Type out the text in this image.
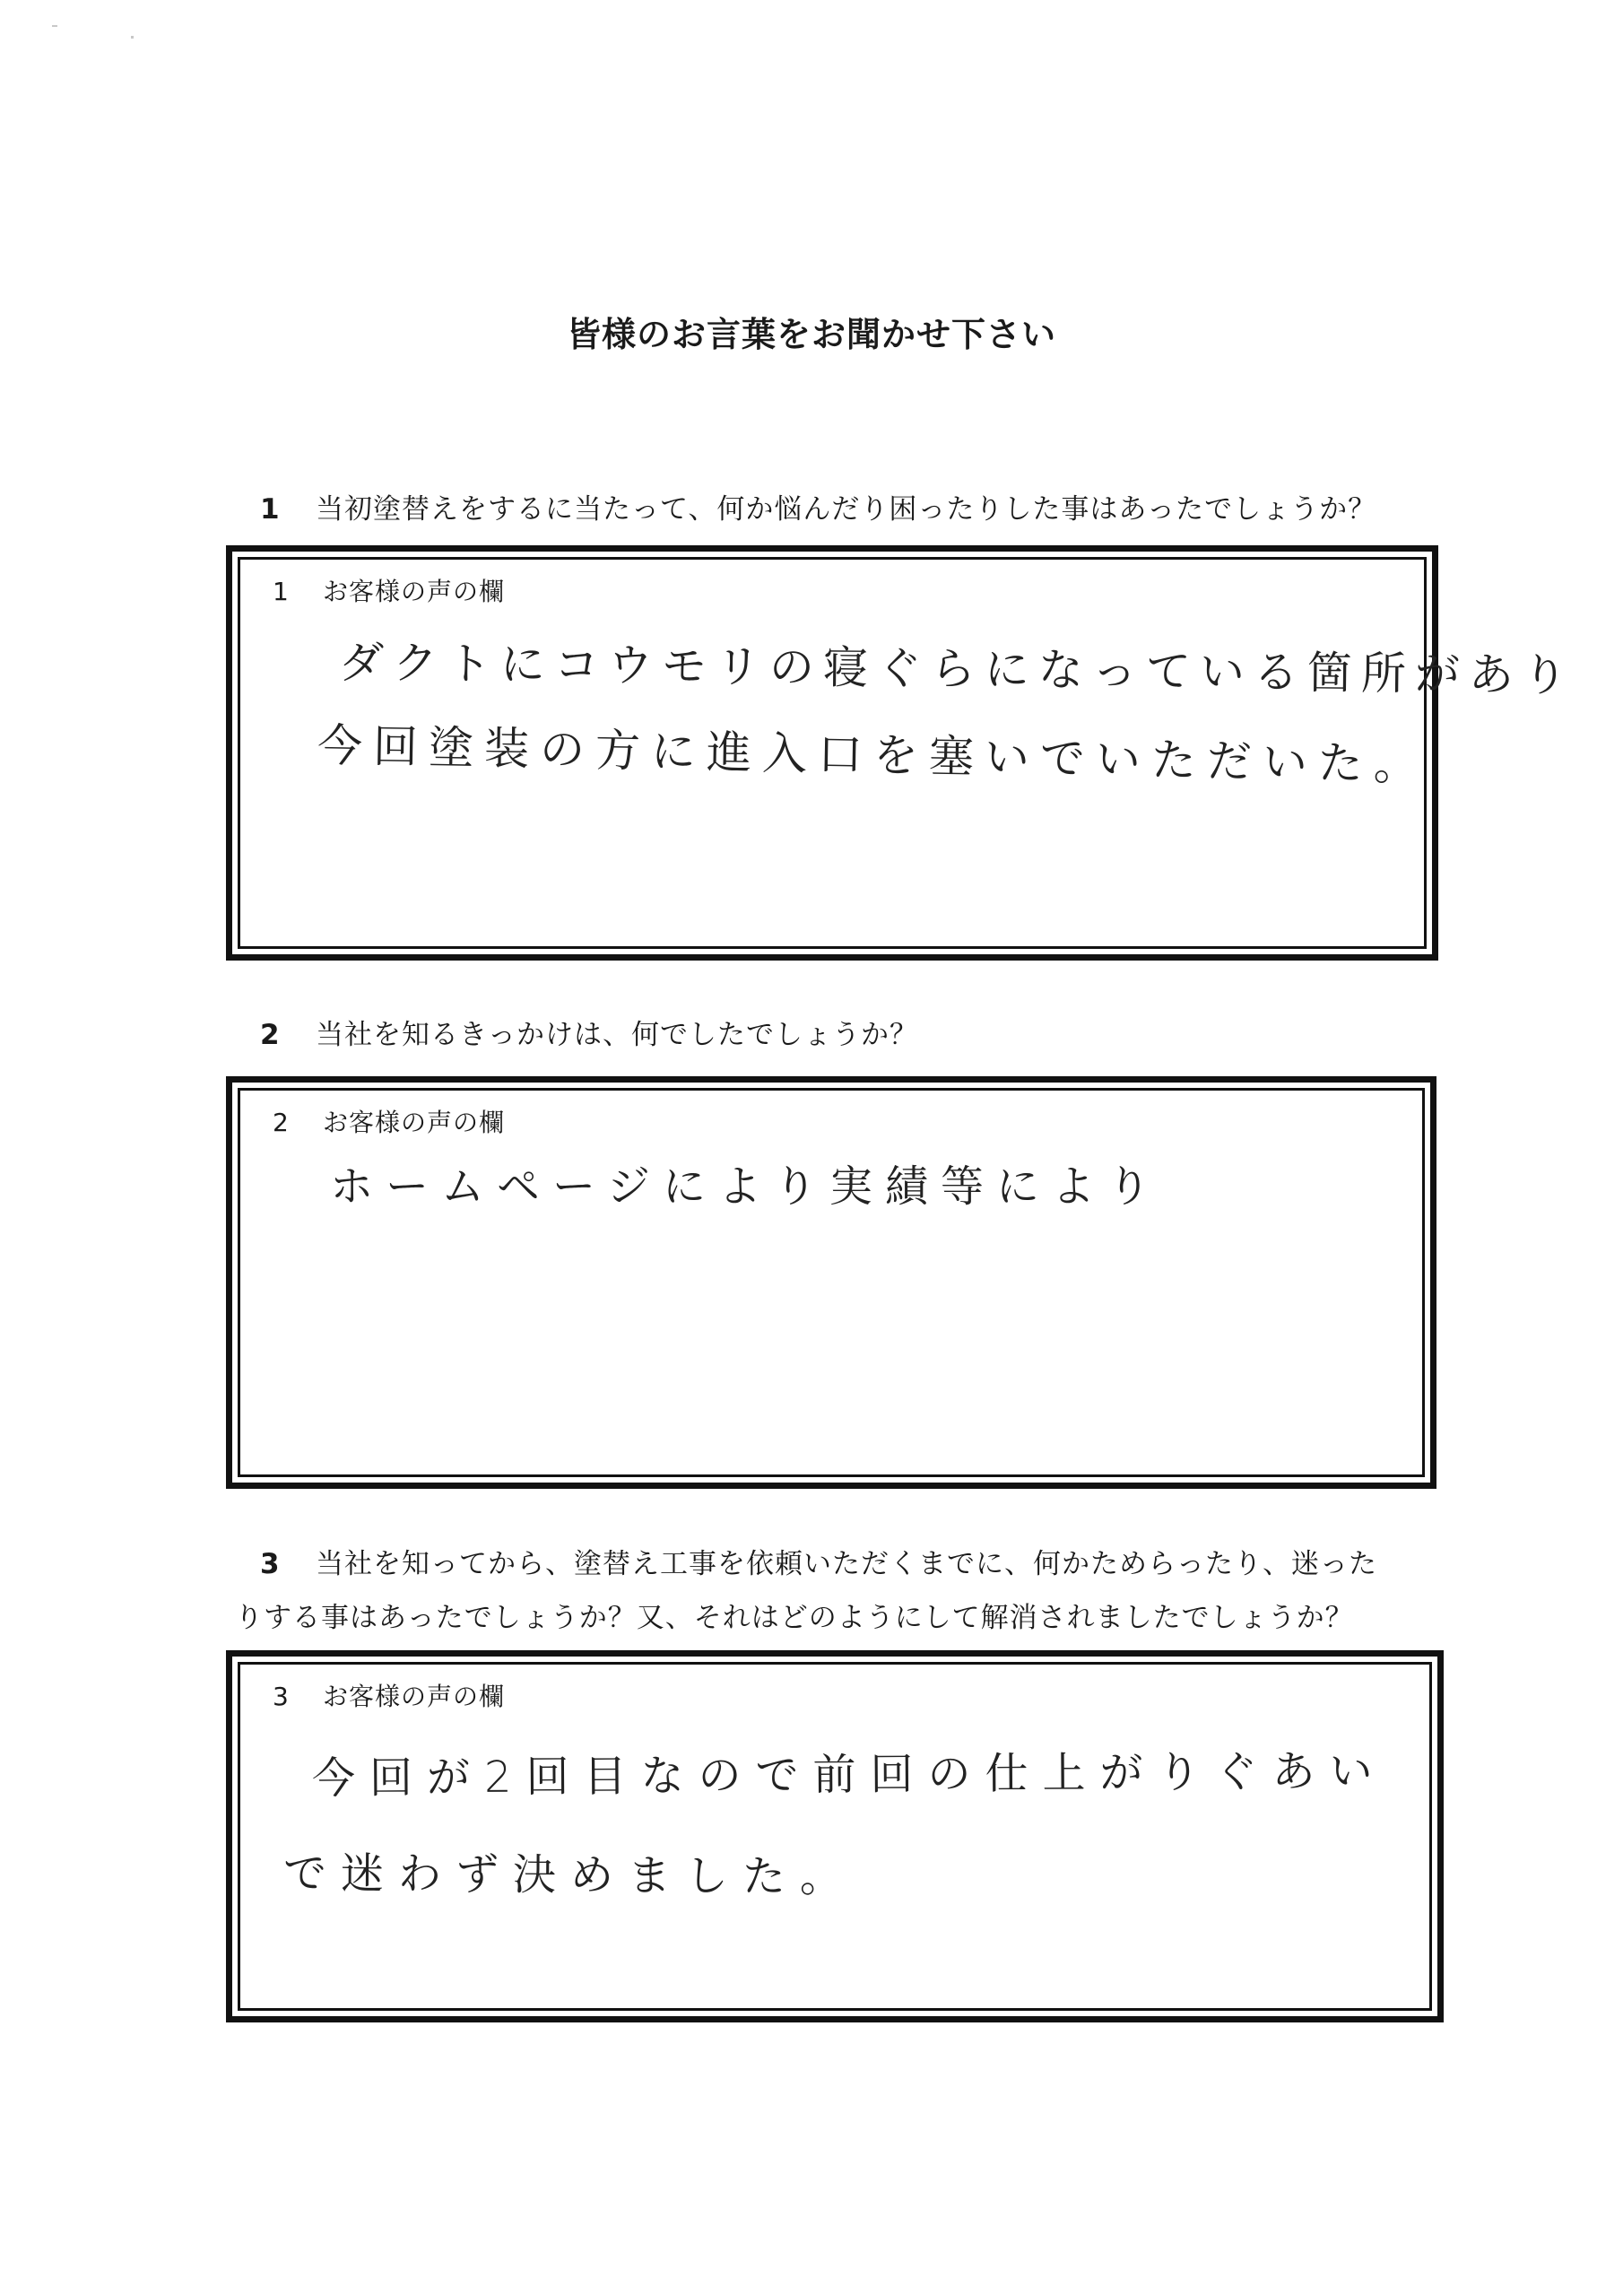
皆様のお言葉をお聞かせ下さい
1 当初塗替えをするに当たって、何か悩んだり困ったりした事はあったでしょうか？
1 お客様の声の欄
ダクトにコウモリの寝ぐらになっている箇所があり
今回塗装の方に進入口を塞いでいただいた。
2 当社を知るきっかけは、何でしたでしょうか？
2 お客様の声の欄
ホームページにより実績等により
3 当社を知ってから、塗替え工事を依頼いただくまでに、何かためらったり、迷った
りする事はあったでしょうか？又、それはどのようにして解消されましたでしょうか？
3 お客様の声の欄
今回が2回目なので前回の仕上がりぐあい
で迷わず決めました。
